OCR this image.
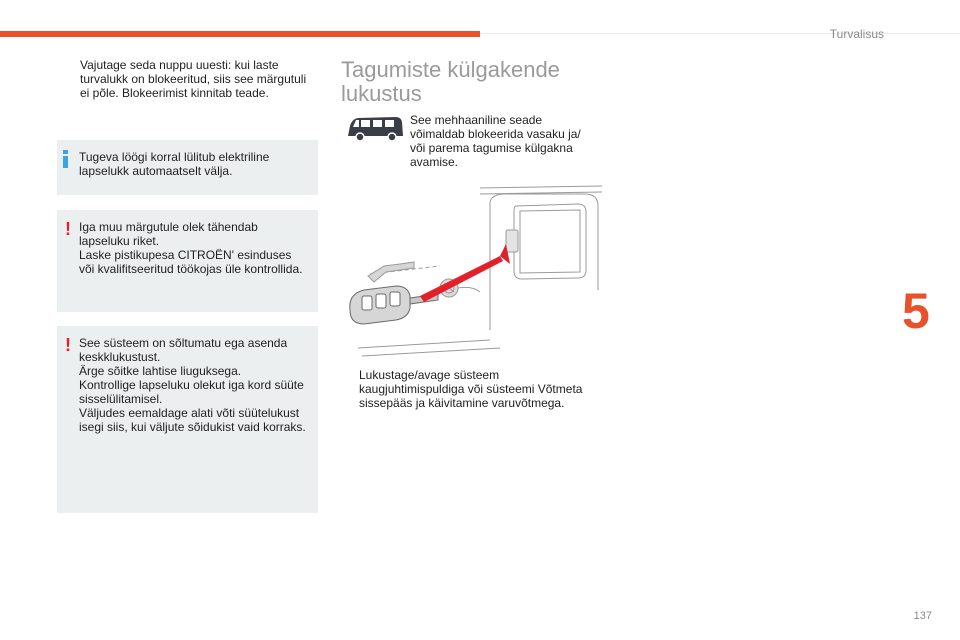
Turvalisus
5
137
Vajutage seda nuppu uuesti: kui laste
turvalukk on blokeeritud, siis see märgutuli
ei põle. Blokeerimist kinnitab teade.
Tugeva löögi korral lülitub elektriline
lapselukk automaatselt välja.
! Iga muu märgutule olek tähendab
lapseluku riket.
Laske pistikupesa CITROËN' esinduses
või kvalifitseeritud töökojas üle kontrollida.
! See süsteem on sõltumatu ega asenda
keskklukustust.
Ärge sõitke lahtise liuguksega.
Kontrollige lapseluku olekut iga kord süüte
sisselülitamisel.
Väljudes eemaldage alati võti süütelukust
isegi siis, kui väljute sõidukist vaid korraks.
Tagumiste külgakende
lukustus
See mehhaaniline seade
võimaldab blokeerida vasaku ja/
või parema tagumise külgakna
avamise.
Lukustage/avage süsteem
kaugjuhtimispuldiga või süsteemi Võtmeta
sissepääs ja käivitamine varuvõtmega.
